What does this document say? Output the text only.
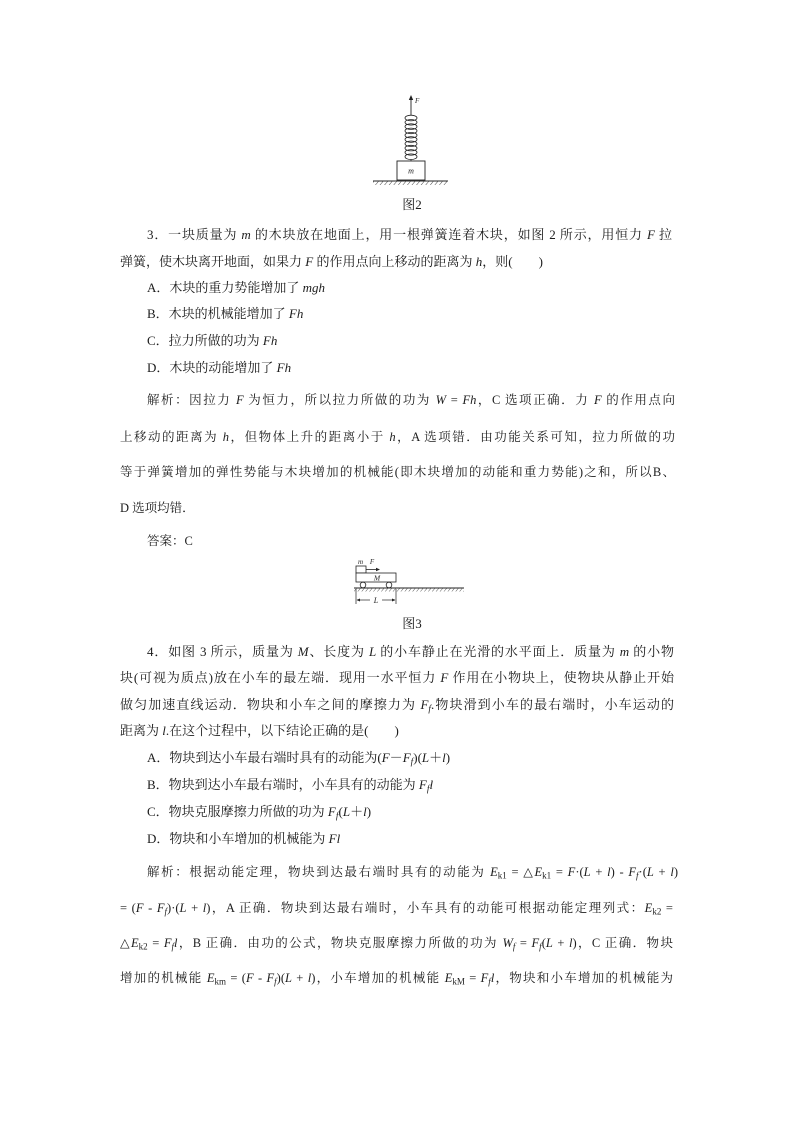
F
m
图2
3．一块质量为 m 的木块放在地面上，用一根弹簧连着木块，如图 2 所示，用恒力 F 拉
弹簧，使木块离开地面，如果力 F 的作用点向上移动的距离为 h，则(　　)
A．木块的重力势能增加了 mgh
B．木块的机械能增加了 Fh
C．拉力所做的功为 Fh
D．木块的动能增加了 Fh
解析：因拉力 F 为恒力，所以拉力所做的功为 W = Fh，C 选项正确．力 F 的作用点向
上移动的距离为 h，但物体上升的距离小于 h，A 选项错．由功能关系可知，拉力所做的功
等于弹簧增加的弹性势能与木块增加的机械能(即木块增加的动能和重力势能)之和，所以B、
D 选项均错．
答案：C
m F
M
L
图3
4．如图 3 所示，质量为 M、长度为 L 的小车静止在光滑的水平面上．质量为 m 的小物
块(可视为质点)放在小车的最左端．现用一水平恒力 F 作用在小物块上，使物块从静止开始
做匀加速直线运动．物块和小车之间的摩擦力为 $F_f$.物块滑到小车的最右端时，小车运动的
距离为 l.在这个过程中，以下结论正确的是(　　)
A．物块到达小车最右端时具有的动能为$(F-F_f)(L+l)$
B．物块到达小车最右端时，小车具有的动能为 $F_fl$
C．物块克服摩擦力所做的功为 $F_f(L+l)$
D．物块和小车增加的机械能为 Fl
解析：根据动能定理，物块到达最右端时具有的动能为 $E_{k1}$ = $\triangle E_{k1} = F\cdot(L + l) - F_f\cdot(L + l)$
= $(F - F_f)\cdot(L + l)$，A 正确．物块到达最右端时，小车具有的动能可根据动能定理列式：$E_{k2}$ =
$\triangle E_{k2} = F_fl$，B 正确．由功的公式，物块克服摩擦力所做的功为 $W_f = F_f(L + l)$，C 正确．物块
增加的机械能 $E_{km} = (F - F_f)(L + l)$，小车增加的机械能 $E_{kM} = F_fl$，物块和小车增加的机械能为
